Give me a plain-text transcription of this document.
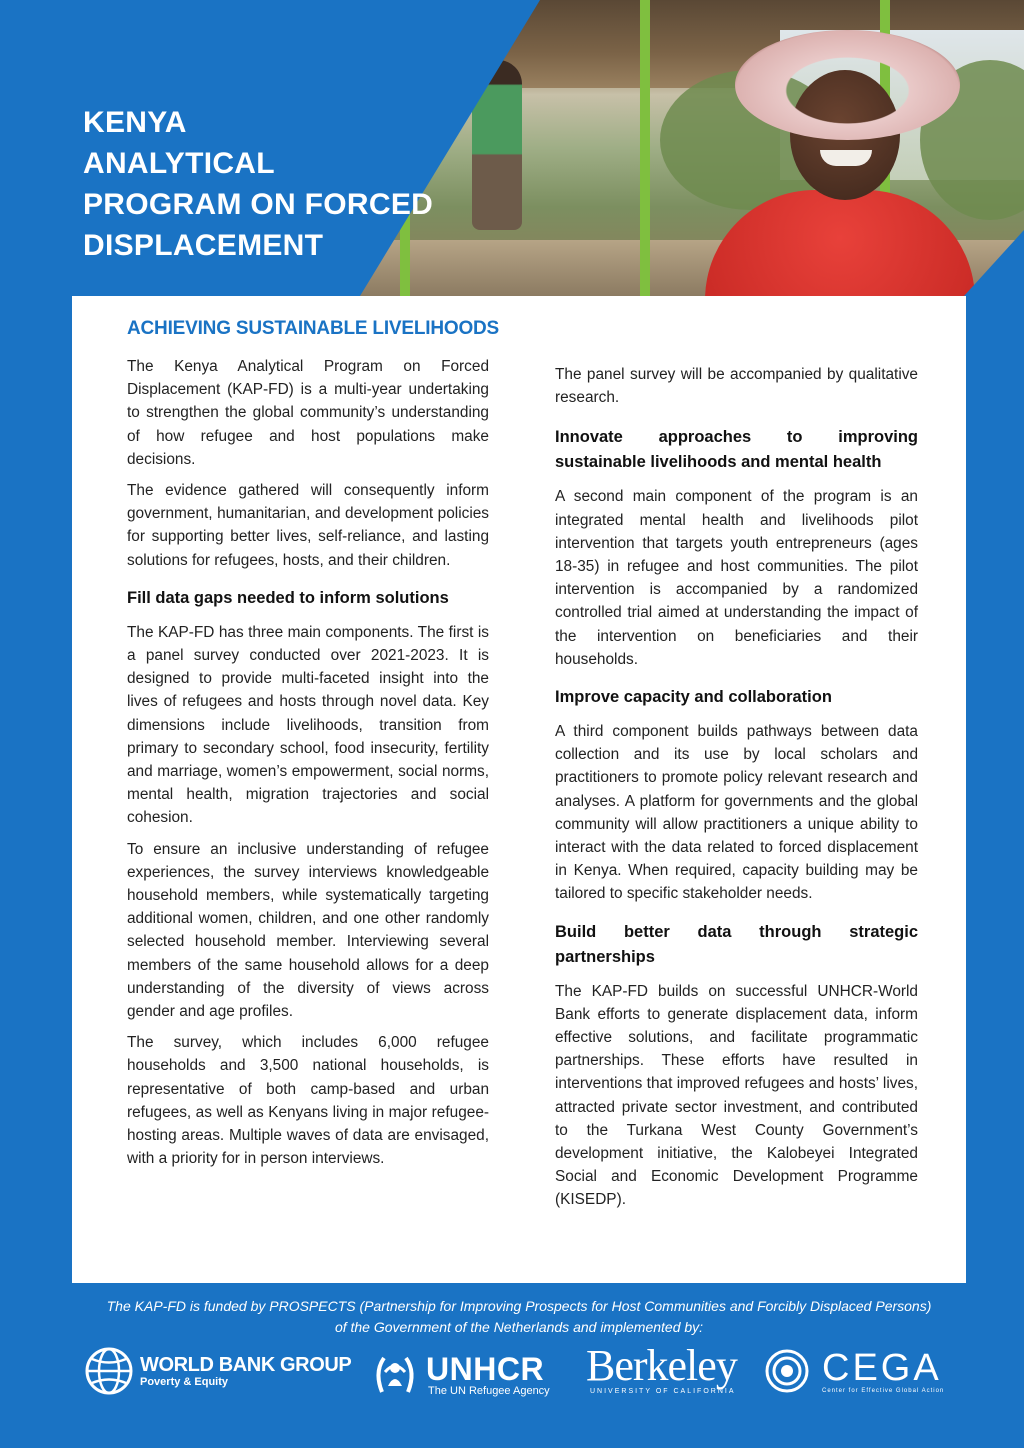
KENYA
ANALYTICAL
PROGRAM ON FORCED
DISPLACEMENT
ACHIEVING SUSTAINABLE LIVELIHOODS

The Kenya Analytical Program on Forced Displacement (KAP-FD) is a multi-year undertaking to strengthen the global community’s understanding of how refugee and host populations make decisions.

The evidence gathered will consequently inform government, humanitarian, and development policies for supporting better lives, self-reliance, and lasting solutions for refugees, hosts, and their children.

Fill data gaps needed to inform solutions

The KAP-FD has three main components. The first is a panel survey conducted over 2021-2023. It is designed to provide multi-faceted insight into the lives of refugees and hosts through novel data. Key dimensions include livelihoods, transition from primary to secondary school, food insecurity, fertility and marriage, women’s empowerment, social norms, mental health, migration trajectories and social cohesion.

To ensure an inclusive understanding of refugee experiences, the survey interviews knowledgeable household members, while systematically targeting additional women, children, and one other randomly selected household member. Interviewing several members of the same household allows for a deep understanding of the diversity of views across gender and age profiles.

The survey, which includes 6,000 refugee households and 3,500 national households, is representative of both camp-based and urban refugees, as well as Kenyans living in major refugee-hosting areas. Multiple waves of data are envisaged, with a priority for in person interviews.

The panel survey will be accompanied by qualitative research.

Innovate approaches to improving sustainable livelihoods and mental health

A second main component of the program is an integrated mental health and livelihoods pilot intervention that targets youth entrepreneurs (ages 18-35) in refugee and host communities. The pilot intervention is accompanied by a randomized controlled trial aimed at understanding the impact of the intervention on beneficiaries and their households.

Improve capacity and collaboration

A third component builds pathways between data collection and its use by local scholars and practitioners to promote policy relevant research and analyses. A platform for governments and the global community will allow practitioners a unique ability to interact with the data related to forced displacement in Kenya. When required, capacity building may be tailored to specific stakeholder needs.

Build better data through strategic partnerships

The KAP-FD builds on successful UNHCR-World Bank efforts to generate displacement data, inform effective solutions, and facilitate programmatic partnerships. These efforts have resulted in interventions that improved refugees and hosts’ lives, attracted private sector investment, and contributed to the Turkana West County Government’s development initiative, the Kalobeyei Integrated Social and Economic Development Programme (KISEDP).

The KAP-FD is funded by PROSPECTS (Partnership for Improving Prospects for Host Communities and Forcibly Displaced Persons)
of the Government of the Netherlands and implemented by:

WORLD BANK GROUP
Poverty & Equity	UNHCR
The UN Refugee Agency
Berkeley
UNIVERSITY OF CALIFORNIA
CEGA
Center for Effective Global Action
